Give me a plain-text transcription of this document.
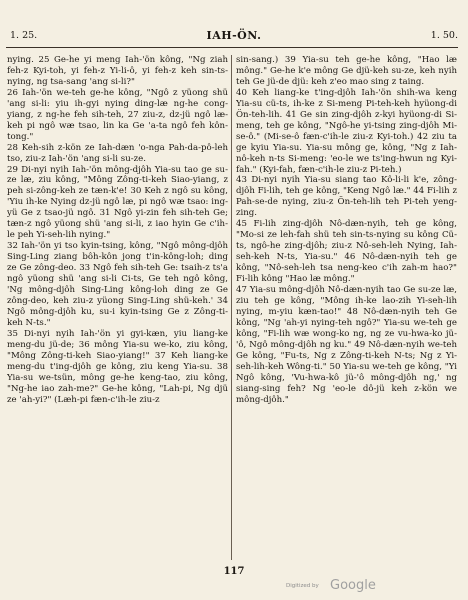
1. 25.	IAH-ÖN.	1. 50.

nying. 25 Ge-he yi meng Iah-'ön kông, "Ng ziah feh-z Kyi-toh, yi feh-z Yi-li-ô, yi feh-z keh sin-ts-nying, ng tsa-sang 'ang si-li?"

26 Iah-'ön we-teh ge-he kông, "Ngô z yüong shü 'ang si-li: yiu ih-gyi nying ding-læ ng-he cong-yiang, z ng-he feh sih-teh, 27 ziu-z, dz-jü ngô læ-keh pi ngô wæ tsao, lin ka Ge 'a-ta ngô feh kôn-tong."

28 Keh-sih z-kön ze Iah-dæn 'o-nga Pah-da-pô-leh tso, ziu-z Iah-'ön 'ang si-li su-ze.

29 Di-nyi nyih Iah-'ön mông-djôh Yia-su tao ge su-ze læ, ziu kông, "Mông Zông-ti-keh Siao-yiang, z peh si-zông-keh ze tæn-k'e! 30 Keh z ngô su kông, 'Yiu ih-ke Nying dz-jü ngô læ, pi ngô wæ tsao: ing-yü Ge z tsao-jü ngô. 31 Ngô yi-zin feh sih-teh Ge; tæn-z ngô yüong shü 'ang si-li, z iao hyin Ge c'ih-le peh Yi-seh-lih nying."

32 Iah-'ön yi tso kyin-tsing, kông, "Ngô mông-djôh Sing-Ling ziang bôh-kôn jong t'in-kông-loh; ding ze Ge zông-deo. 33 Ngô feh sih-teh Ge: tsaih-z ts'a ngô yüong shü 'ang si-li Ci-ts, Ge teh ngô kông, 'Ng mông-djôh Sing-Ling kông-loh ding ze Ge zông-deo, keh ziu-z yüong Sing-Ling shü-keh.' 34 Ngô mông-djôh ku, su-i kyin-tsing Ge z Zông-ti-keh N-ts."

35 Di-nyi nyih Iah-'ön yi gyi-kæn, yiu liang-ke meng-du jü-de; 36 mông Yia-su we-ko, ziu kông, "Mông Zông-ti-keh Siao-yiang!" 37 Keh liang-ke meng-du t'ing-djôh ge kông, ziu keng Yia-su. 38 Yia-su we-tsün, mông ge-he keng-tao, ziu kông, "Ng-he iao zah-me?" Ge-he kông, "Lah-pi, Ng djü ze 'ah-yi?" (Læh-pi fæn-c'ih-le ziu-z

sin-sang.) 39 Yia-su teh ge-he kông, "Hao læ mông." Ge-he k'e mông Ge djü-keh su-ze, keh nyih teh Ge jü-de djü: keh z'eo mao sing z taing.

40 Keh liang-ke t'ing-djôh Iah-'ön shih-wa keng Yia-su cü-ts, ih-ke z Si-meng Pi-teh-keh hyüong-di Ön-teh-lih. 41 Ge sin zing-djôh z-kyi hyüong-di Si-meng, teh ge kông, "Ngô-he yi-tsing zing-djôh Mi-se-ô." (Mi-se-ô fæn-c'ih-le ziu-z Kyi-toh.) 42 ziu ta ge kyiu Yia-su. Yia-su mông ge, kông, "Ng z Iah-nô-keh n-ts Si-meng: 'eo-le we ts'ing-hwun ng Kyi-fah." (Kyi-fah, fæn-c'ih-le ziu-z Pi-teh.)

43 Di-nyi nyih Yia-su siang tao Kô-li-li k'e, zông-djôh Fi-lih, teh ge kông, "Keng Ngô læ." 44 Fi-lih z Pah-se-de nying, ziu-z Ön-teh-lih teh Pi-teh yeng-zing.

45 Fi-lih zing-djôh Nô-dæn-nyih, teh ge kông, "Mo-si ze leh-fah shü teh sin-ts-nying su kông Cü-ts, ngô-he zing-djôh; ziu-z Nô-seh-leh Nying, Iah-seh-keh N-ts, Yia-su." 46 Nô-dæn-nyih teh ge kông, "Nô-seh-leh tsa neng-keo c'ih zah-m hao?" Fi-lih kông "Hao læ mông."

47 Yia-su mông-djôh Nô-dæn-nyih tao Ge su-ze læ, ziu teh ge kông, "Mông ih-ke lao-zih Yi-seh-lih nying, m-yiu kæn-tao!" 48 Nô-dæn-nyih teh Ge kông, "Ng 'ah-yi nying-teh ngô?" Yia-su we-teh ge kông, "Fi-lih wæ wong-ko ng, ng ze vu-hwa-ko jü-'ô, Ngô mông-djôh ng ku." 49 Nô-dæn-nyih we-teh Ge kông, "Fu-ts, Ng z Zông-ti-keh N-ts; Ng z Yi-seh-lih-keh Wông-ti." 50 Yia-su we-teh ge kông, "Yi Ngô kông, 'Vu-hwa-kô jü-'ô mông-djôh ng,' ng siang-sing feh? Ng 'eo-le dô-jü keh z-kön we mông-djôh."

117
Digitized by Google
